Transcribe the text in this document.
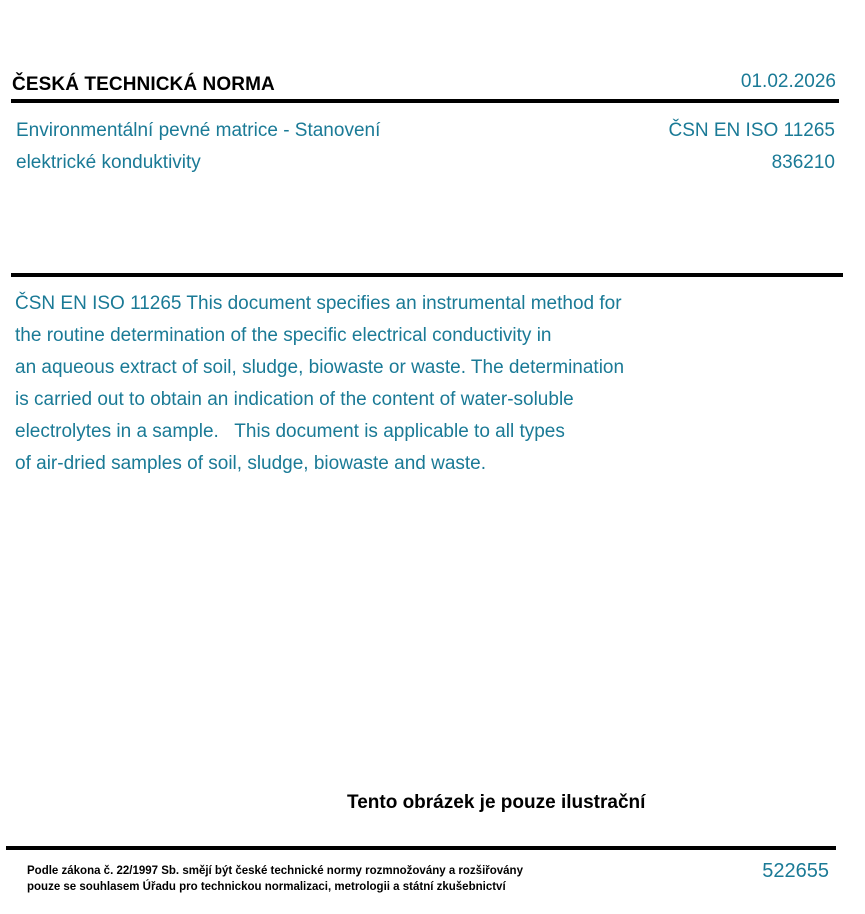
ČESKÁ TECHNICKÁ NORMA	01.02.2026
Environmentální pevné matrice - Stanovení
elektrické konduktivity
ČSN EN ISO 11265
836210
ČSN EN ISO 11265 This document specifies an instrumental method for
the routine determination of the specific electrical conductivity in
an aqueous extract of soil, sludge, biowaste or waste. The determination
is carried out to obtain an indication of the content of water-soluble
electrolytes in a sample.   This document is applicable to all types
of air-dried samples of soil, sludge, biowaste and waste.
Tento obrázek je pouze ilustrační
Podle zákona č. 22/1997 Sb. smějí být české technické normy rozmnožovány a rozšiřovány
pouze se souhlasem Úřadu pro technickou normalizaci, metrologii a státní zkušebnictví
522655
